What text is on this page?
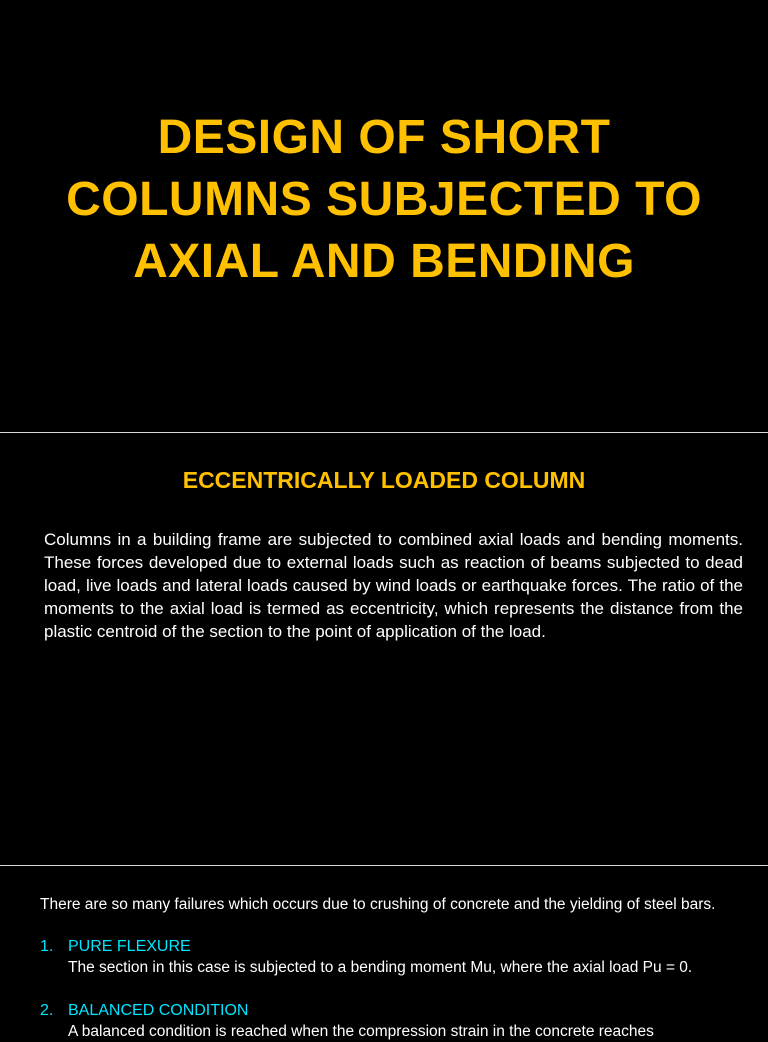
DESIGN OF SHORT
COLUMNS SUBJECTED TO
AXIAL AND BENDING
ECCENTRICALLY LOADED COLUMN
Columns in a building frame are subjected to combined axial loads and bending moments. These forces developed due to external loads such as reaction of beams subjected to dead load, live loads and lateral loads caused by wind loads or earthquake forces. The ratio of the moments to the axial load is termed as eccentricity, which represents the distance from the plastic centroid of the section to the point of application of the load.
There are so many failures which occurs due to crushing of concrete and the yielding of steel bars.
1. PURE FLEXURE
The section in this case is subjected to a bending moment Mu, where the axial load Pu = 0.
2. BALANCED CONDITION
A balanced condition is reached when the compression strain in the concrete reaches
